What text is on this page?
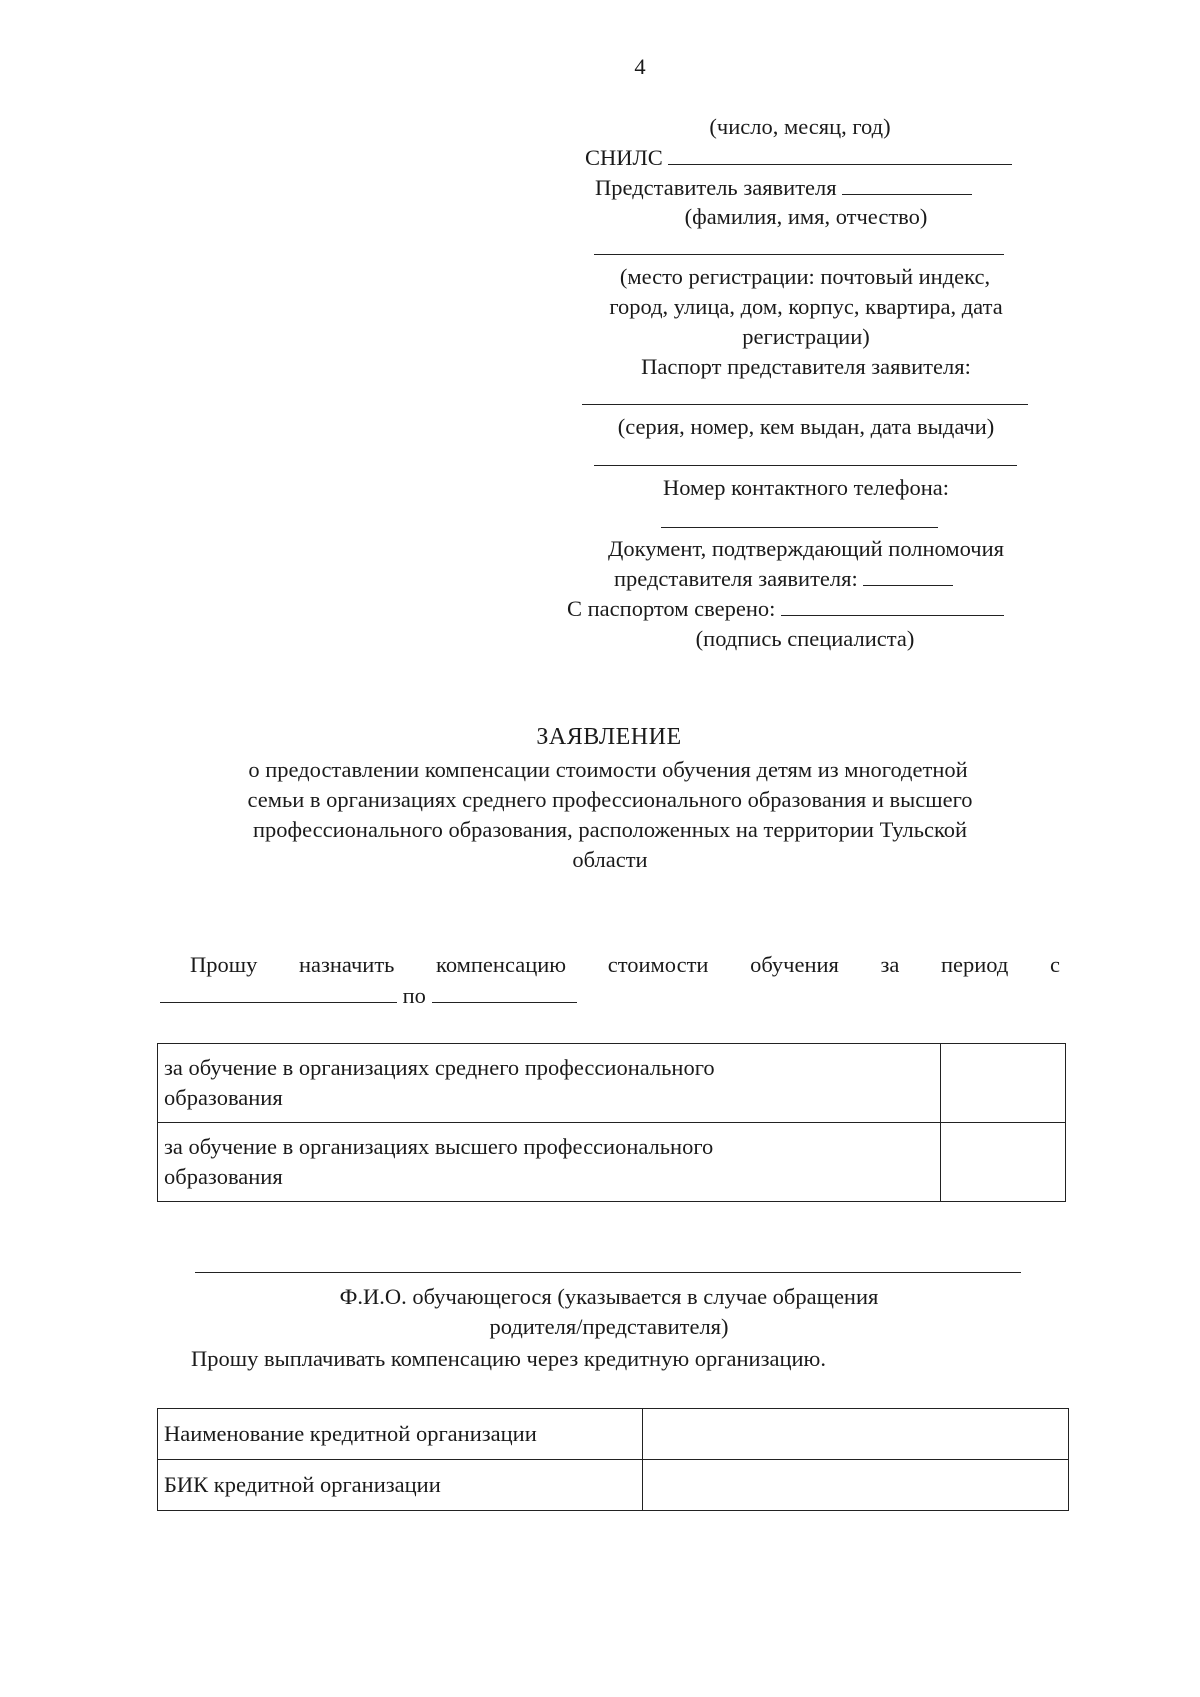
4
(число, месяц, год)
СНИЛС
Представитель заявителя
(фамилия, имя, отчество)
(место регистрации: почтовый индекс,
город, улица, дом, корпус, квартира, дата
регистрации)
Паспорт представителя заявителя:
(серия, номер, кем выдан, дата выдачи)
Номер контактного телефона:
Документ, подтверждающий полномочия
представителя заявителя:
С паспортом сверено:
(подпись специалиста)
ЗАЯВЛЕНИЕ
о предоставлении компенсации стоимости обучения детям из многодетной
семьи в организациях среднего профессионального образования и высшего
профессионального образования, расположенных на территории Тульской
области
Прошу назначить компенсацию стоимости обучения за период с
по
за обучение в организациях среднего профессионального
образования	

за обучение в организациях высшего профессионального
образования	

Ф.И.О. обучающегося (указывается в случае обращения
родителя/представителя)
Прошу выплачивать компенсацию через кредитную организацию.
Наименование кредитной организации	
БИК кредитной организации	
